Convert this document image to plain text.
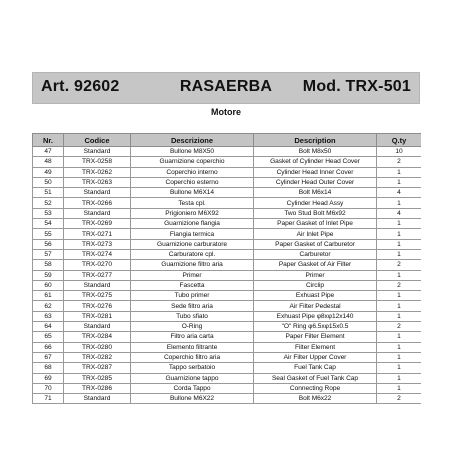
Art. 92602	RASAERBA	Mod. TRX-501
Motore
Nr.	Codice	Descrizione	Description	Q.ty
47	Standard	Bullone M8X50	Bolt M8x50	10
48	TRX-0258	Guarnizione coperchio	Gasket of Cylinder Head Cover	2
49	TRX-0262	Coperchio interno	Cylinder Head Inner Cover	1
50	TRX-0263	Coperchio esterno	Cylinder Head Outer Cover	1
51	Standard	Bullone M6X14	Bolt M6x14	4
52	TRX-0266	Testa cpl.	Cylinder Head Assy	1
53	Standard	Prigioniero M6X92	Two Stud Bolt M6x92	4
54	TRX-0269	Guarnizione flangia	Paper Gasket of Inlet Pipe	1
55	TRX-0271	Flangia termica	Air Inlet Pipe	1
56	TRX-0273	Guarnizione carburatore	Paper Gasket of Carburetor	1
57	TRX-0274	Carburatore cpl.	Carburetor	1
58	TRX-0270	Guarnizione filtro aria	Paper Gasket of Air Filter	2
59	TRX-0277	Primer	Primer	1
60	Standard	Fascetta	Circlip	2
61	TRX-0275	Tubo primer	Exhuast Pipe	1
62	TRX-0276	Sede filtro aria	Air Filter Pedestal	1
63	TRX-0281	Tubo sfiato	Exhuast Pipe φ8xφ12x140	1
64	Standard	O-Ring	"O" Ring φ6.5xφ15x0.5	2
65	TRX-0284	Filtro aria carta	Paper Filter Element	1
66	TRX-0280	Elemento filtrante	Filter Element	1
67	TRX-0282	Coperchio filtro aria	Air Filter Upper Cover	1
68	TRX-0287	Tappo serbatoio	Fuel Tank Cap	1
69	TRX-0285	Guarnizione tappo	Seal Gasket of Fuel Tank Cap	1
70	TRX-0286	Corda Tappo	Connecting Rope	1
71	Standard	Bullone M6X22	Bolt M6x22	2
